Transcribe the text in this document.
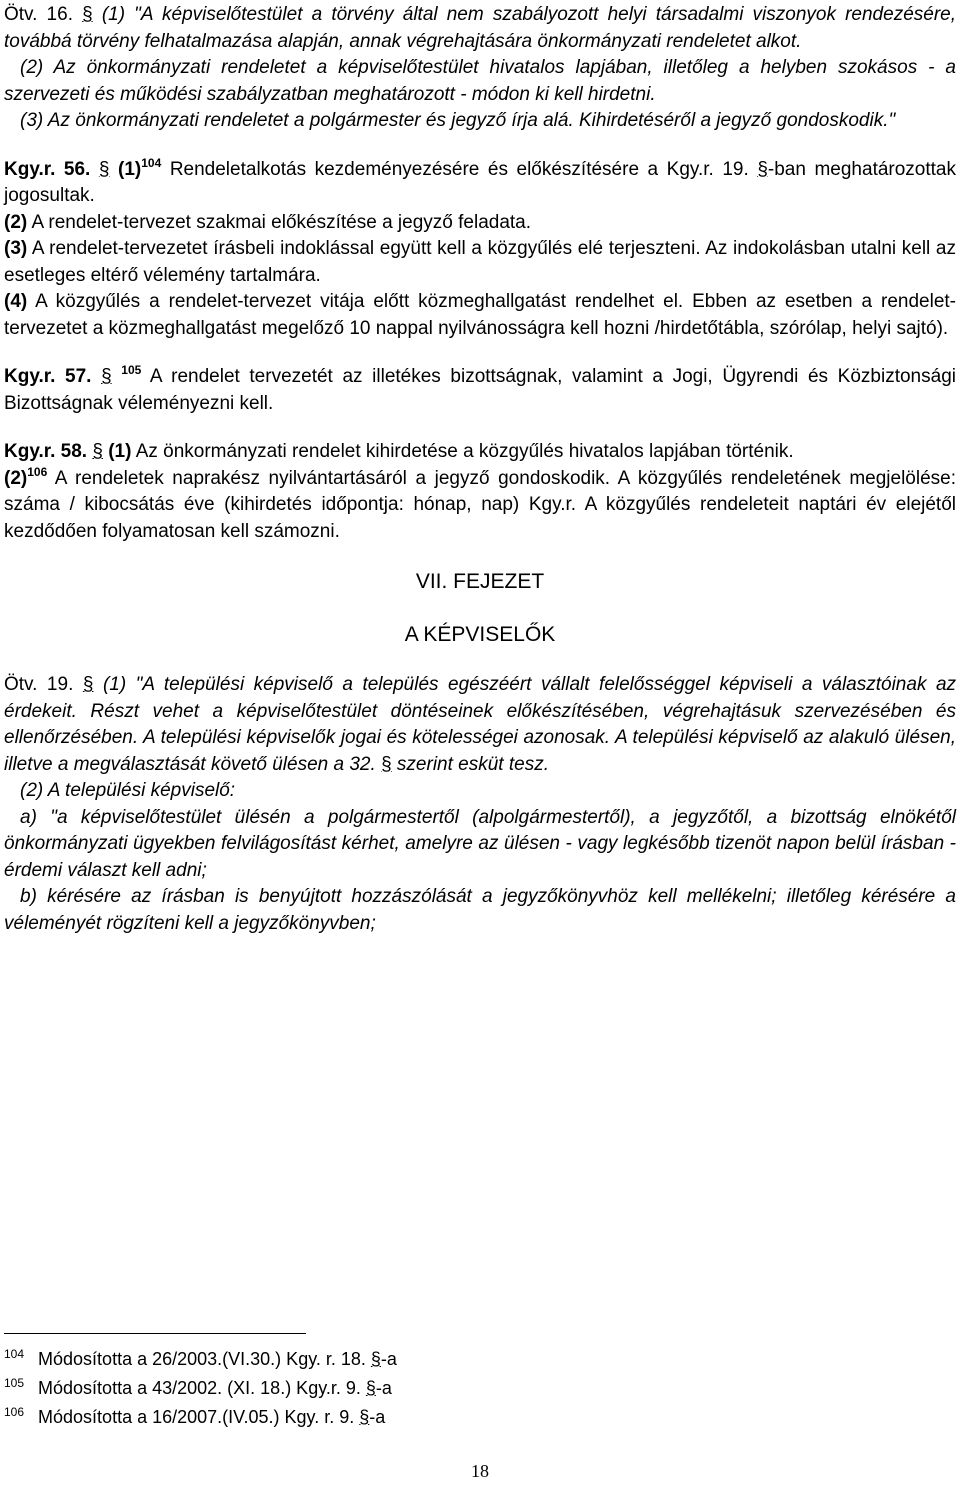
Ötv. 16. § (1) "A képviselőtestület a törvény által nem szabályozott helyi társadalmi viszonyok rendezésére, továbbá törvény felhatalmazása alapján, annak végrehajtására önkormányzati rendeletet alkot.

(2) Az önkormányzati rendeletet a képviselőtestület hivatalos lapjában, illetőleg a helyben szokásos - a szervezeti és működési szabályzatban meghatározott - módon ki kell hirdetni.

(3) Az önkormányzati rendeletet a polgármester és jegyző írja alá. Kihirdetéséről a jegyző gondoskodik."

Kgy.r. 56. § $(1)^{104}$ Rendeletalkotás kezdeményezésére és előkészítésére a Kgy.r. 19. §-ban meghatározottak jogosultak.

(2) A rendelet-tervezet szakmai előkészítése a jegyző feladata.

(3) A rendelet-tervezetet írásbeli indoklással együtt kell a közgyűlés elé terjeszteni. Az indokolásban utalni kell az esetleges eltérő vélemény tartalmára.

(4) A közgyűlés a rendelet-tervezet vitája előtt közmeghallgatást rendelhet el. Ebben az esetben a rendelet-tervezetet a közmeghallgatást megelőző 10 nappal nyilvánosságra kell hozni /hirdetőtábla, szórólap, helyi sajtó).

Kgy.r. 57. § $^{105}$ A rendelet tervezetét az illetékes bizottságnak, valamint a Jogi, Ügyrendi és Közbiztonsági Bizottságnak véleményezni kell.

Kgy.r. 58. § (1) Az önkormányzati rendelet kihirdetése a közgyűlés hivatalos lapjában történik.

$(2)^{106}$ A rendeletek naprakész nyilvántartásáról a jegyző gondoskodik. A közgyűlés rendeletének megjelölése: száma / kibocsátás éve (kihirdetés időpontja: hónap, nap) Kgy.r. A közgyűlés rendeleteit naptári év elejétől kezdődően folyamatosan kell számozni.

VII. FEJEZET

A KÉPVISELŐK

Ötv. 19. § (1) "A települési képviselő a település egészéért vállalt felelősséggel képviseli a választóinak az érdekeit. Részt vehet a képviselőtestület döntéseinek előkészítésében, végrehajtásuk szervezésében és ellenőrzésében. A települési képviselők jogai és kötelességei azonosak. A települési képviselő az alakuló ülésen, illetve a megválasztását követő ülésen a 32. § szerint esküt tesz.

(2) A települési képviselő:

a) "a képviselőtestület ülésén a polgármestertől (alpolgármestertől), a jegyzőtől, a bizottság elnökétől önkormányzati ügyekben felvilágosítást kérhet, amelyre az ülésen - vagy legkésőbb tizenöt napon belül írásban - érdemi választ kell adni;

b) kérésére az írásban is benyújtott hozzászólását a jegyzőkönyvhöz kell mellékelni; illetőleg kérésére a véleményét rögzíteni kell a jegyzőkönyvben;

$^{104}$ Módosította a 26/2003.(VI.30.) Kgy. r. 18. §-a
$^{105}$ Módosította a 43/2002. (XI. 18.) Kgy.r. 9. §-a
$^{106}$ Módosította a 16/2007.(IV.05.) Kgy. r. 9. §-a
18
